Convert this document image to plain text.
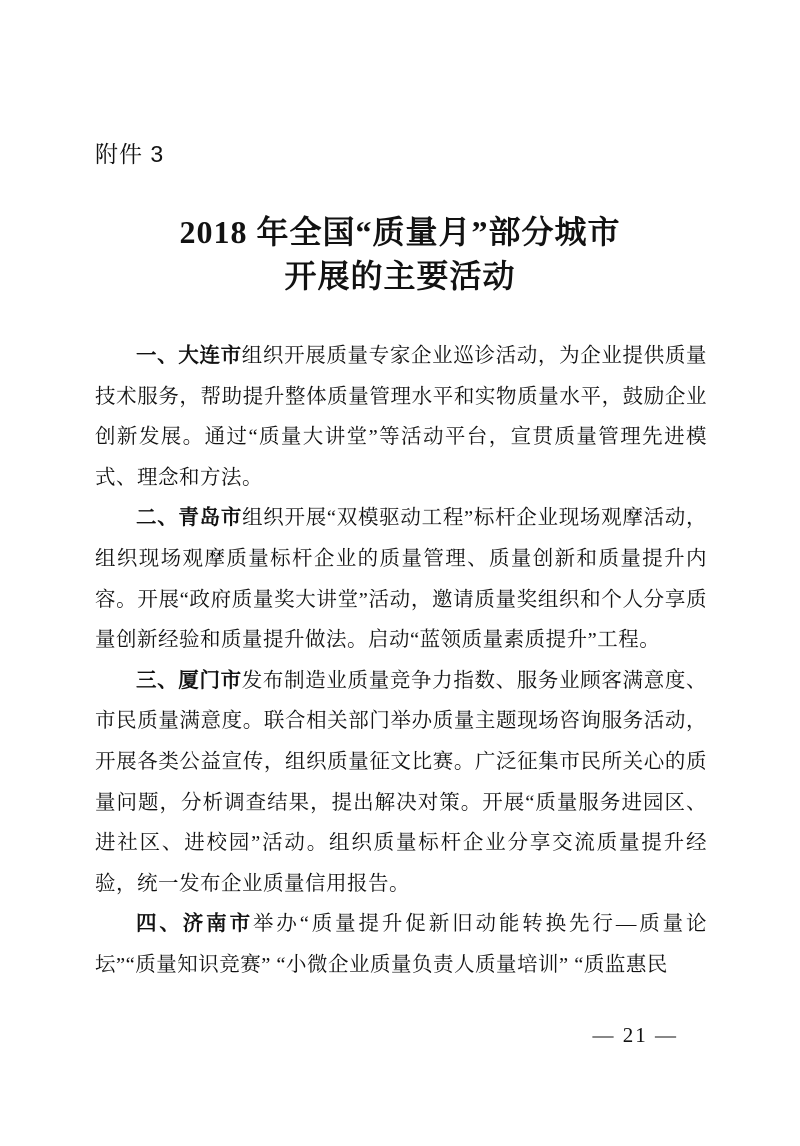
附件 3
2018 年全国“质量月”部分城市
开展的主要活动

一、大连市组织开展质量专家企业巡诊活动，为企业提供质量技术服务，帮助提升整体质量管理水平和实物质量水平，鼓励企业创新发展。通过“质量大讲堂”等活动平台，宣贯质量管理先进模式、理念和方法。

二、青岛市组织开展“双模驱动工程”标杆企业现场观摩活动，组织现场观摩质量标杆企业的质量管理、质量创新和质量提升内容。开展“政府质量奖大讲堂”活动，邀请质量奖组织和个人分享质量创新经验和质量提升做法。启动“蓝领质量素质提升”工程。

三、厦门市发布制造业质量竞争力指数、服务业顾客满意度、市民质量满意度。联合相关部门举办质量主题现场咨询服务活动，开展各类公益宣传，组织质量征文比赛。广泛征集市民所关心的质量问题，分析调查结果，提出解决对策。开展“质量服务进园区、进社区、进校园”活动。组织质量标杆企业分享交流质量提升经验，统一发布企业质量信用报告。

四、济南市举办“质量提升促新旧动能转换先行—质量论坛”“质量知识竞赛” “小微企业质量负责人质量培训” “质监惠民

— 21 —
